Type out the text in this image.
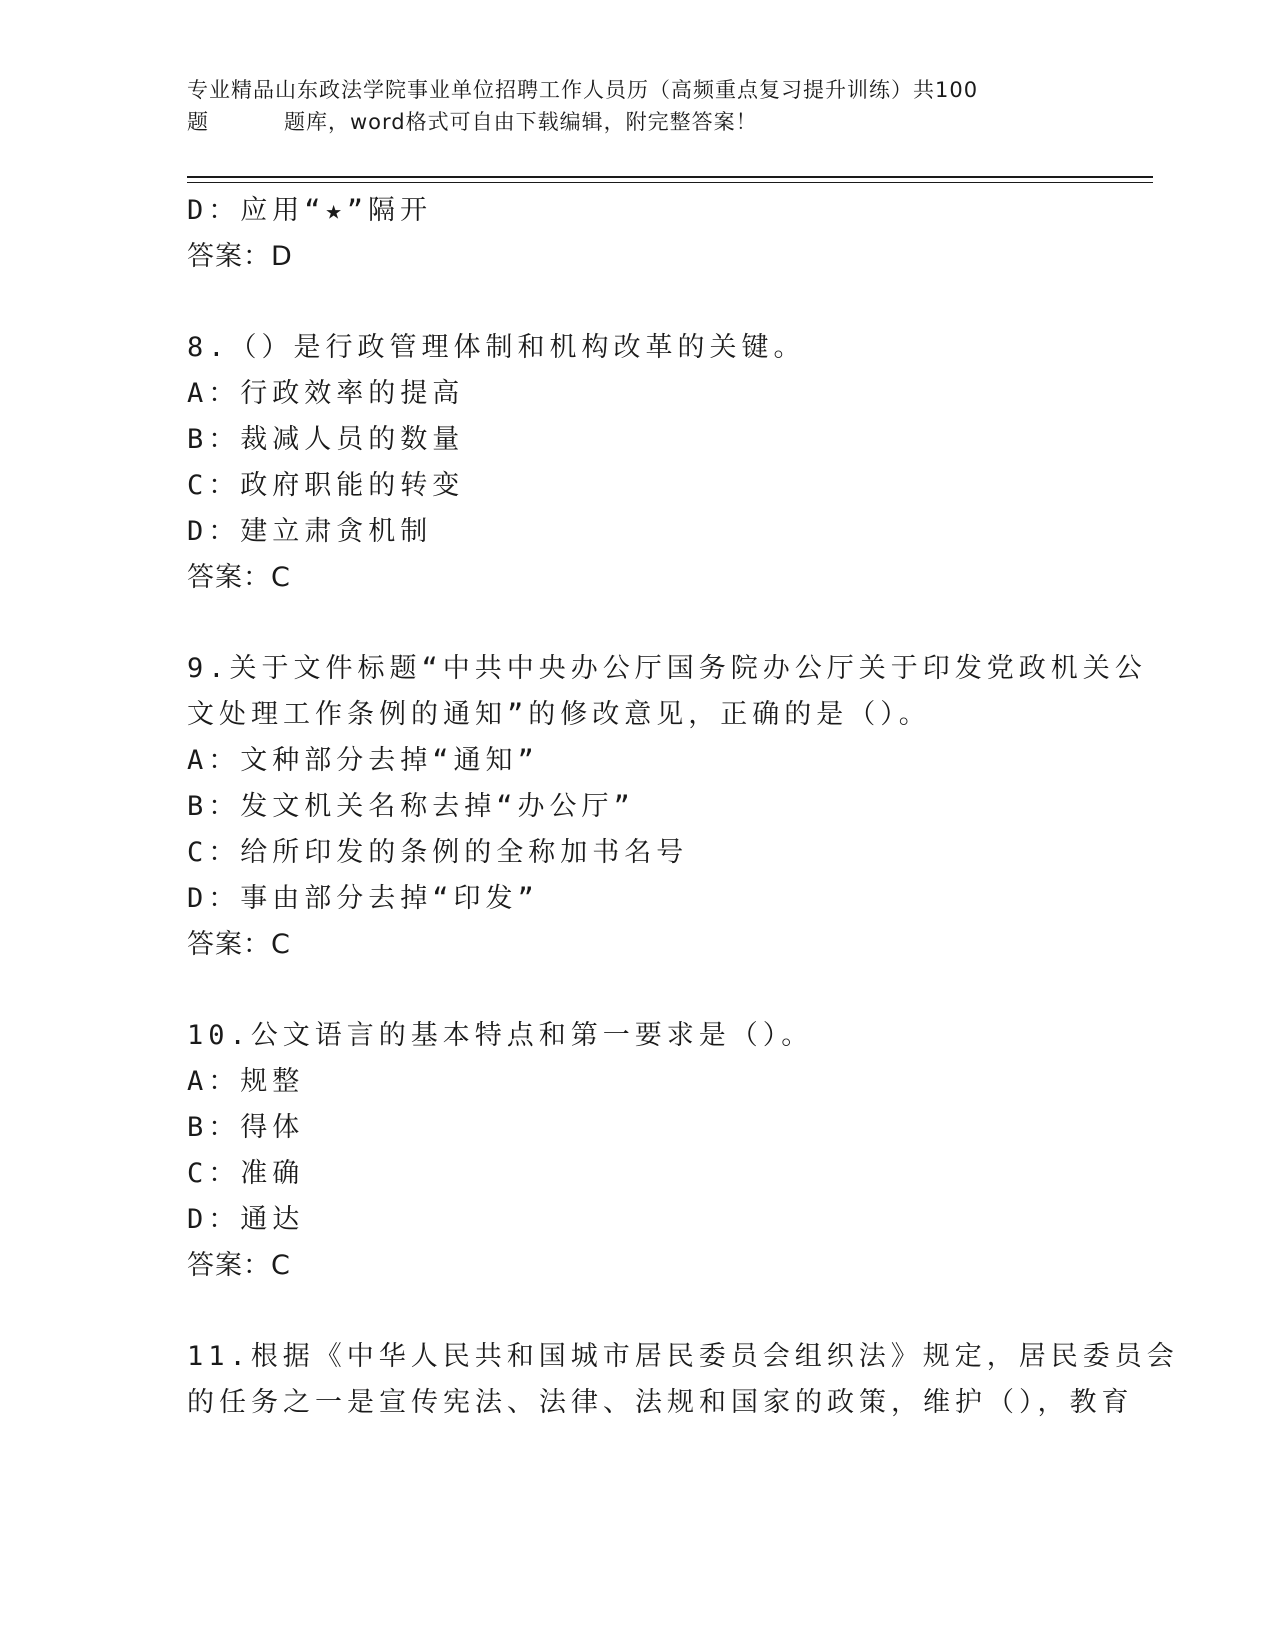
专业精品山东政法学院事业单位招聘工作人员历（高频重点复习提升训练）共100
题	题库，word格式可自由下载编辑，附完整答案！
D：应用“★”隔开
答案：D
8.（）是行政管理体制和机构改革的关键。
A：行政效率的提高
B：裁减人员的数量
C：政府职能的转变
D：建立肃贪机制
答案：C
9.关于文件标题“中共中央办公厅国务院办公厅关于印发党政机关公
文处理工作条例的通知”的修改意见，正确的是（）。
A：文种部分去掉“通知”
B：发文机关名称去掉“办公厅”
C：给所印发的条例的全称加书名号
D：事由部分去掉“印发”
答案：C
10.公文语言的基本特点和第一要求是（）。
A：规整
B：得体
C：准确
D：通达
答案：C
11.根据《中华人民共和国城市居民委员会组织法》规定，居民委员会
的任务之一是宣传宪法、法律、法规和国家的政策，维护（），教育
